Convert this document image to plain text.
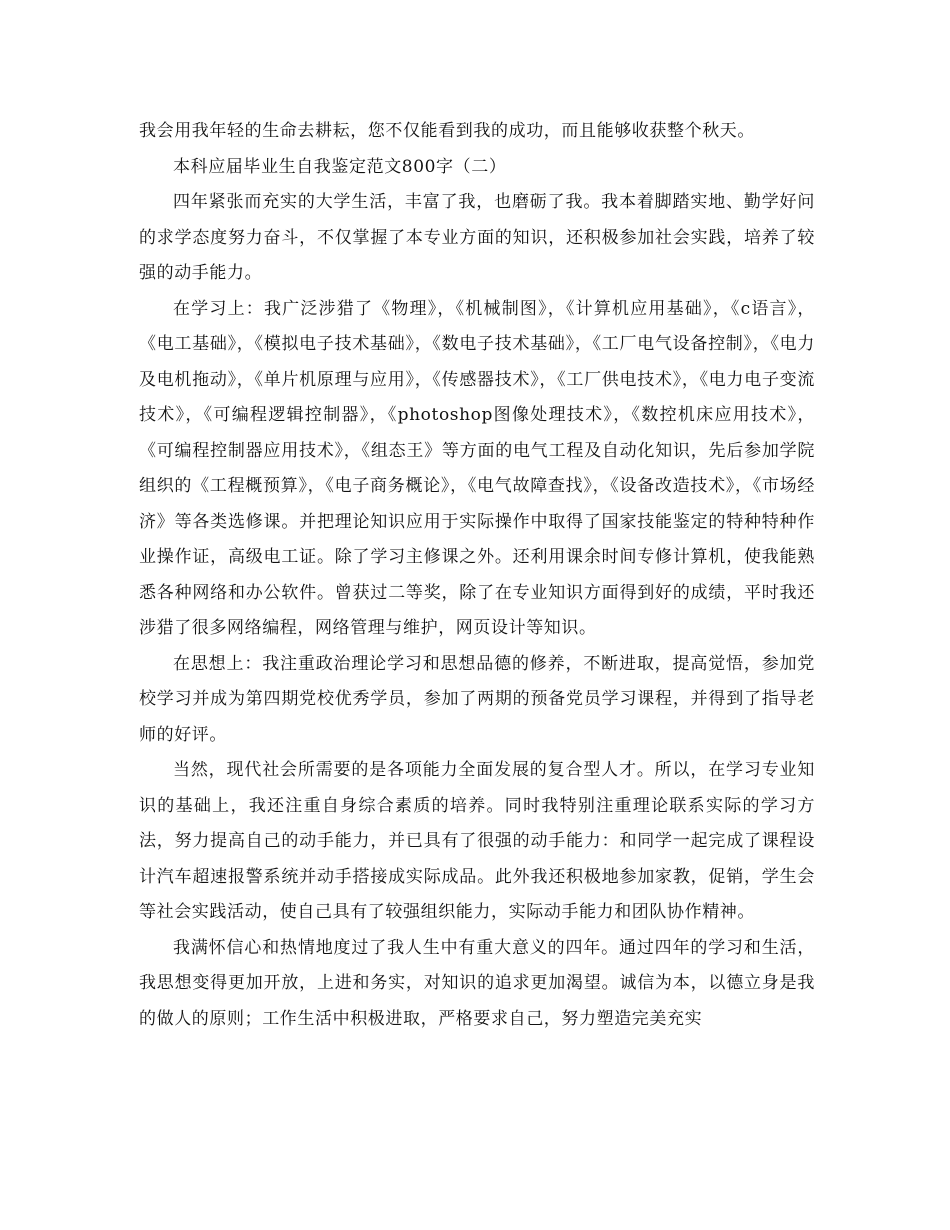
我会用我年轻的生命去耕耘，您不仅能看到我的成功，而且能够收获整个秋天。

本科应届毕业生自我鉴定范文800字（二）

四年紧张而充实的大学生活，丰富了我，也磨砺了我。我本着脚踏实地、勤学好问的求学态度努力奋斗，不仅掌握了本专业方面的知识，还积极参加社会实践，培养了较强的动手能力。

在学习上：我广泛涉猎了《物理》，《机械制图》，《计算机应用基础》，《c语言》，《电工基础》，《模拟电子技术基础》，《数电子技术基础》，《工厂电气设备控制》，《电力及电机拖动》，《单片机原理与应用》，《传感器技术》，《工厂供电技术》，《电力电子变流技术》，《可编程逻辑控制器》，《photoshop图像处理技术》，《数控机床应用技术》，《可编程控制器应用技术》，《组态王》等方面的电气工程及自动化知识，先后参加学院组织的《工程概预算》，《电子商务概论》，《电气故障查找》，《设备改造技术》，《市场经济》等各类选修课。并把理论知识应用于实际操作中取得了国家技能鉴定的特种特种作业操作证，高级电工证。除了学习主修课之外。还利用课余时间专修计算机，使我能熟悉各种网络和办公软件。曾获过二等奖，除了在专业知识方面得到好的成绩，平时我还涉猎了很多网络编程，网络管理与维护，网页设计等知识。

在思想上：我注重政治理论学习和思想品德的修养，不断进取，提高觉悟，参加党校学习并成为第四期党校优秀学员，参加了两期的预备党员学习课程，并得到了指导老师的好评。

当然，现代社会所需要的是各项能力全面发展的复合型人才。所以，在学习专业知识的基础上，我还注重自身综合素质的培养。同时我特别注重理论联系实际的学习方法，努力提高自己的动手能力，并已具有了很强的动手能力：和同学一起完成了课程设计汽车超速报警系统并动手搭接成实际成品。此外我还积极地参加家教，促销，学生会等社会实践活动，使自己具有了较强组织能力，实际动手能力和团队协作精神。

我满怀信心和热情地度过了我人生中有重大意义的四年。通过四年的学习和生活，我思想变得更加开放，上进和务实，对知识的追求更加渴望。诚信为本，以德立身是我的做人的原则；工作生活中积极进取，严格要求自己，努力塑造完美充实
